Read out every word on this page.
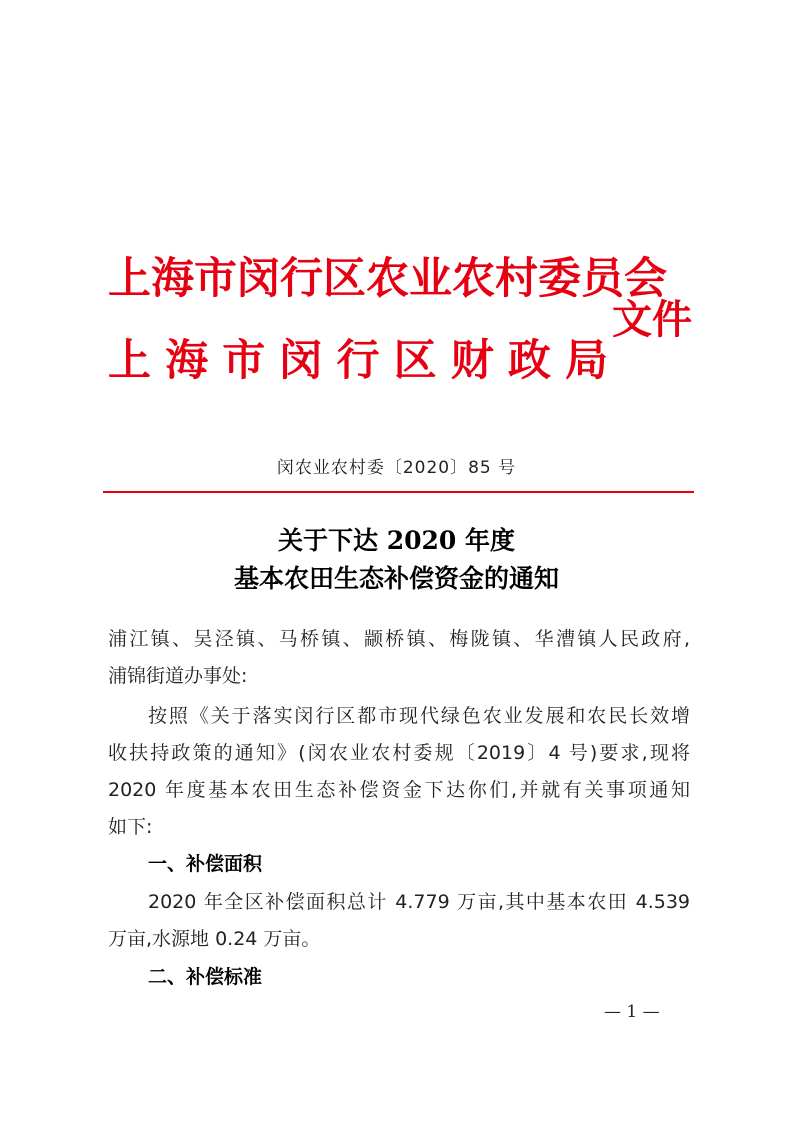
上 海 市 闵 行 区 农 业 农 村 委 员 会
上 海 市 闵 行 区 财 政 局
文件
闵农业农村委〔2020〕85 号
关于下达 2020 年度
基本农田生态补偿资金的通知
浦江镇、吴泾镇、马桥镇、颛桥镇、梅陇镇、华漕镇人民政府,
浦锦街道办事处:
按照《关于落实闵行区都市现代绿色农业发展和农民长效增
收扶持政策的通知》(闵农业农村委规〔2019〕4 号)要求,现将
2020 年度基本农田生态补偿资金下达你们,并就有关事项通知
如下:
一、补偿面积
2020 年全区补偿面积总计 4.779 万亩,其中基本农田 4.539
万亩,水源地 0.24 万亩。
二、补偿标准
— 1 —
